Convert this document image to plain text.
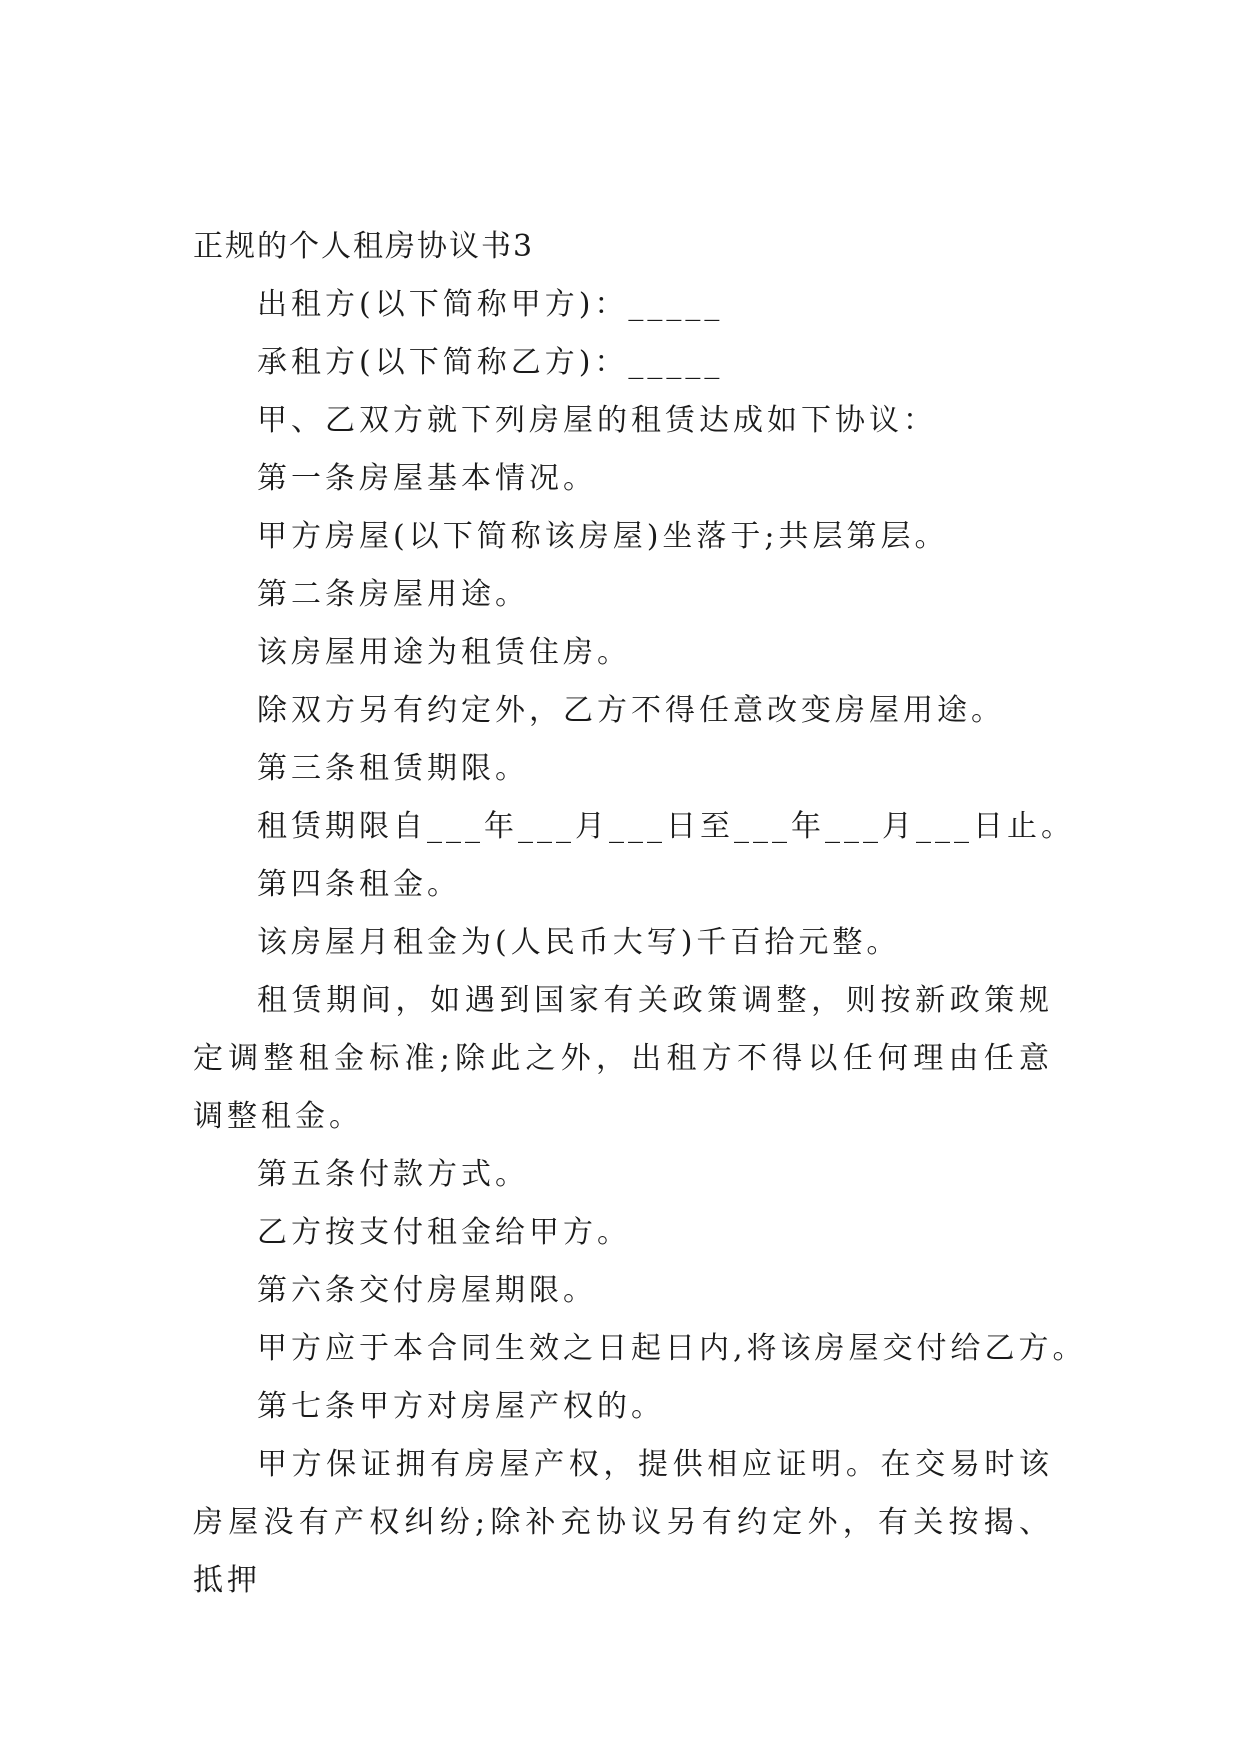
正规的个人租房协议书3

出租方(以下简称甲方)：_____

承租方(以下简称乙方)：_____

甲、乙双方就下列房屋的租赁达成如下协议：

第一条房屋基本情况。

甲方房屋(以下简称该房屋)坐落于;共层第层。

第二条房屋用途。

该房屋用途为租赁住房。

除双方另有约定外，乙方不得任意改变房屋用途。

第三条租赁期限。

租赁期限自___年___月___日至___年___月___日止。

第四条租金。

该房屋月租金为(人民币大写)千百拾元整。

租赁期间，如遇到国家有关政策调整，则按新政策规定调整租金标准;除此之外，出租方不得以任何理由任意调整租金。

第五条付款方式。

乙方按支付租金给甲方。

第六条交付房屋期限。

甲方应于本合同生效之日起日内,将该房屋交付给乙方。

第七条甲方对房屋产权的。

甲方保证拥有房屋产权，提供相应证明。在交易时该房屋没有产权纠纷;除补充协议另有约定外，有关按揭、抵押
